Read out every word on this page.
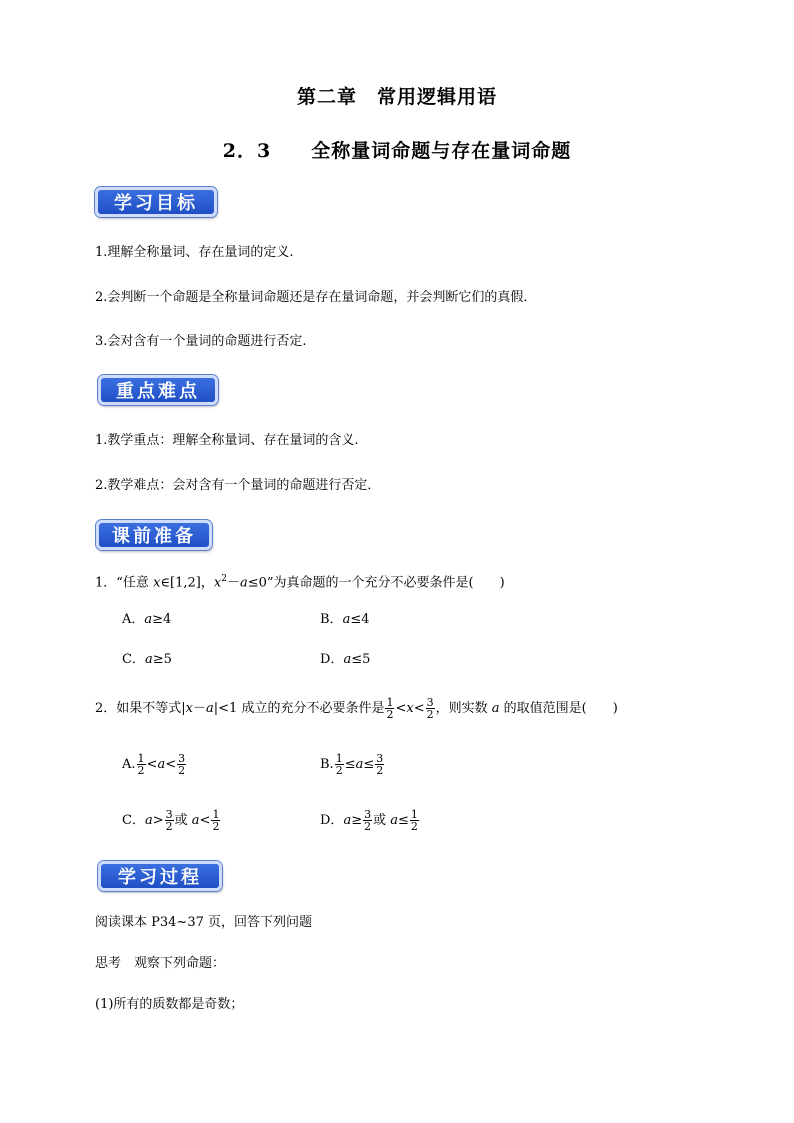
第二章　常用逻辑用语
2．3　　全称量词命题与存在量词命题
学习目标
1.理解全称量词、存在量词的定义.
2.会判断一个命题是全称量词命题还是存在量词命题，并会判断它们的真假．
3.会对含有一个量词的命题进行否定.
重点难点
1.教学重点：理解全称量词、存在量词的含义.
2.教学难点：会对含有一个量词的命题进行否定．
课前准备
1．“任意 x∈[1,2]，$x^2-a\le 0$”为真命题的一个充分不必要条件是(　　)
A．a≥4	B．a≤4
C．a≥5	D．a≤5
2．如果不等式|x－a|<1 成立的充分不必要条件是 $\frac{1}{2} <x< \frac{3}{2}$ ，则实数 a 的取值范围是(　　)
A. $\frac{1}{2} <a< \frac{3}{2}$	B. $\frac{1}{2} \le a\le \frac{3}{2}$
C．$a> \frac{3}{2}$ 或 $a< \frac{1}{2}$	D．$a\ge \frac{3}{2}$ 或 $a\le \frac{1}{2}$
学习过程
阅读课本 P34~37 页，回答下列问题
思考　观察下列命题：
(1)所有的质数都是奇数；
